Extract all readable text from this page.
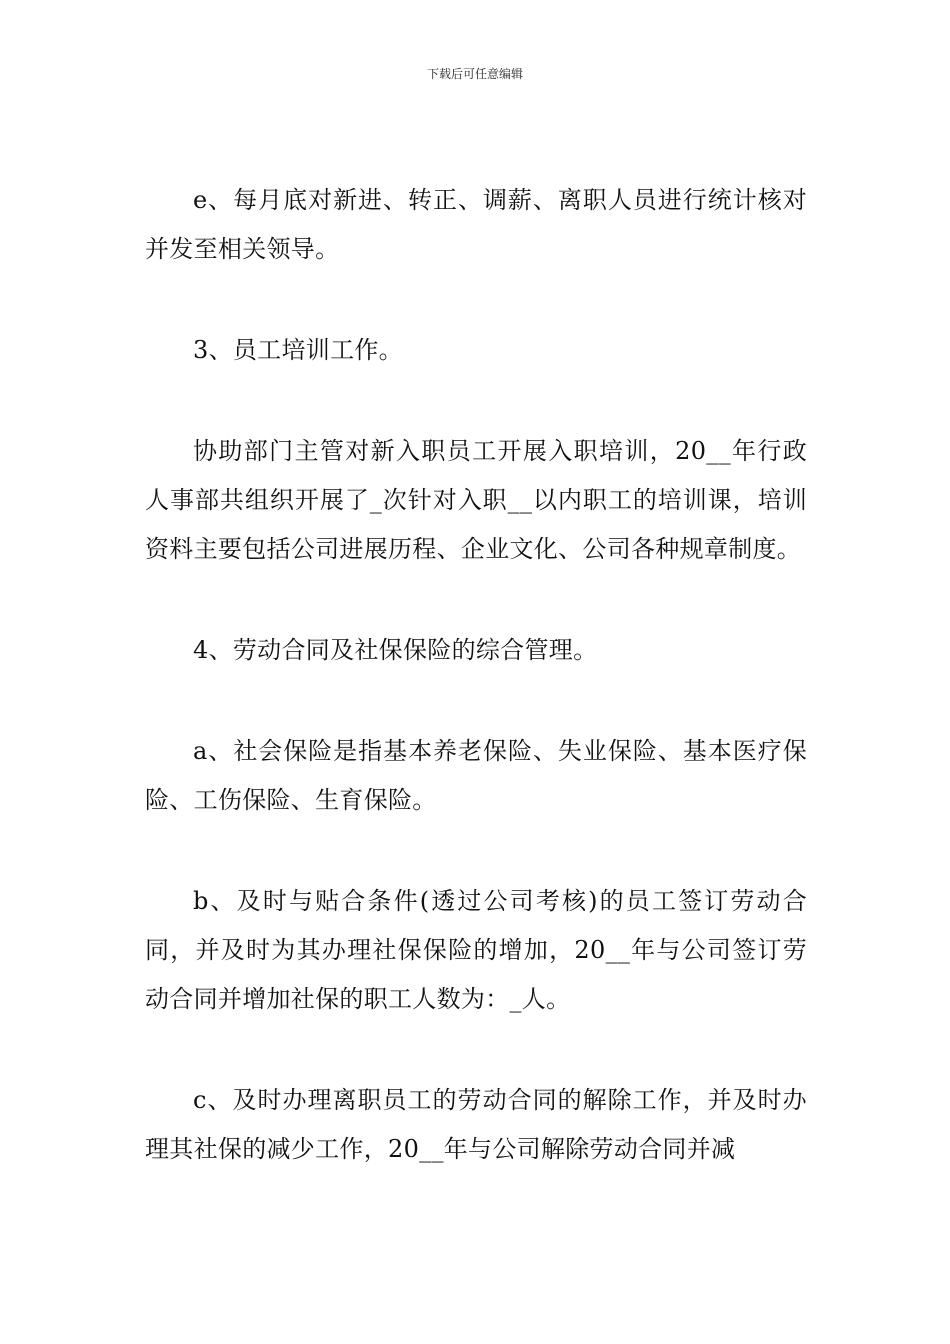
下载后可任意编辑

e、每月底对新进、转正、调薪、离职人员进行统计核对并发至相关领导。

3、员工培训工作。

协助部门主管对新入职员工开展入职培训，20__年行政人事部共组织开展了_次针对入职__以内职工的培训课，培训资料主要包括公司进展历程、企业文化、公司各种规章制度。

4、劳动合同及社保保险的综合管理。

a、社会保险是指基本养老保险、失业保险、基本医疗保险、工伤保险、生育保险。

b、及时与贴合条件(透过公司考核)的员工签订劳动合同，并及时为其办理社保保险的增加，20__年与公司签订劳动合同并增加社保的职工人数为：_人。

c、及时办理离职员工的劳动合同的解除工作，并及时办理其社保的减少工作，20__年与公司解除劳动合同并减
